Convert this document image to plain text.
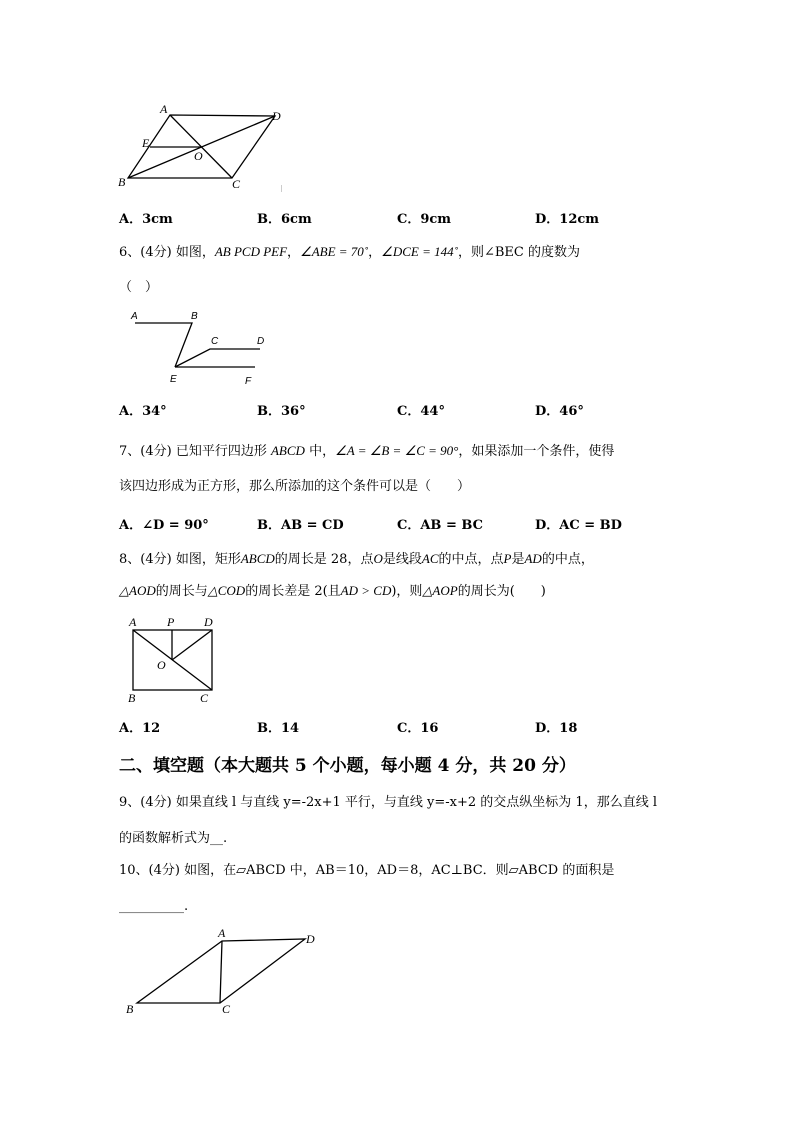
A	D
E
O
B	C
A．3cm	B．6cm	C．9cm	D．12cm
6、(4分) 如图，AB PCD PEF，∠ABE = 70˚，∠DCE = 144˚，则∠BEC 的度数为
（　）
A	B
C	D
E	F
A．34°	B．36°	C．44°	D．46°
7、(4分) 已知平行四边形 ABCD 中，∠A = ∠B = ∠C = 90°，如果添加一个条件，使得
该四边形成为正方形，那么所添加的这个条件可以是（　　）
A．∠D = 90°	B．AB = CD	C．AB = BC	D．AC = BD
8、(4分) 如图，矩形ABCD的周长是 28，点O是线段AC的中点，点P是AD的中点，
△AOD的周长与△COD的周长差是 2(且AD > CD)，则△AOP的周长为(　　)
A	P D
O
B	C
A．12	B．14	C．16	D．18
二、填空题（本大题共 5 个小题，每小题 4 分，共 20 分）
9、(4分) 如果直线 l 与直线 y=-2x+1 平行，与直线 y=-x+2 的交点纵坐标为 1，那么直线 l
的函数解析式为__.
10、(4分) 如图，在▱ABCD 中，AB＝10，AD＝8，AC⊥BC．则▱ABCD 的面积是
__________.
A	D
B	C
